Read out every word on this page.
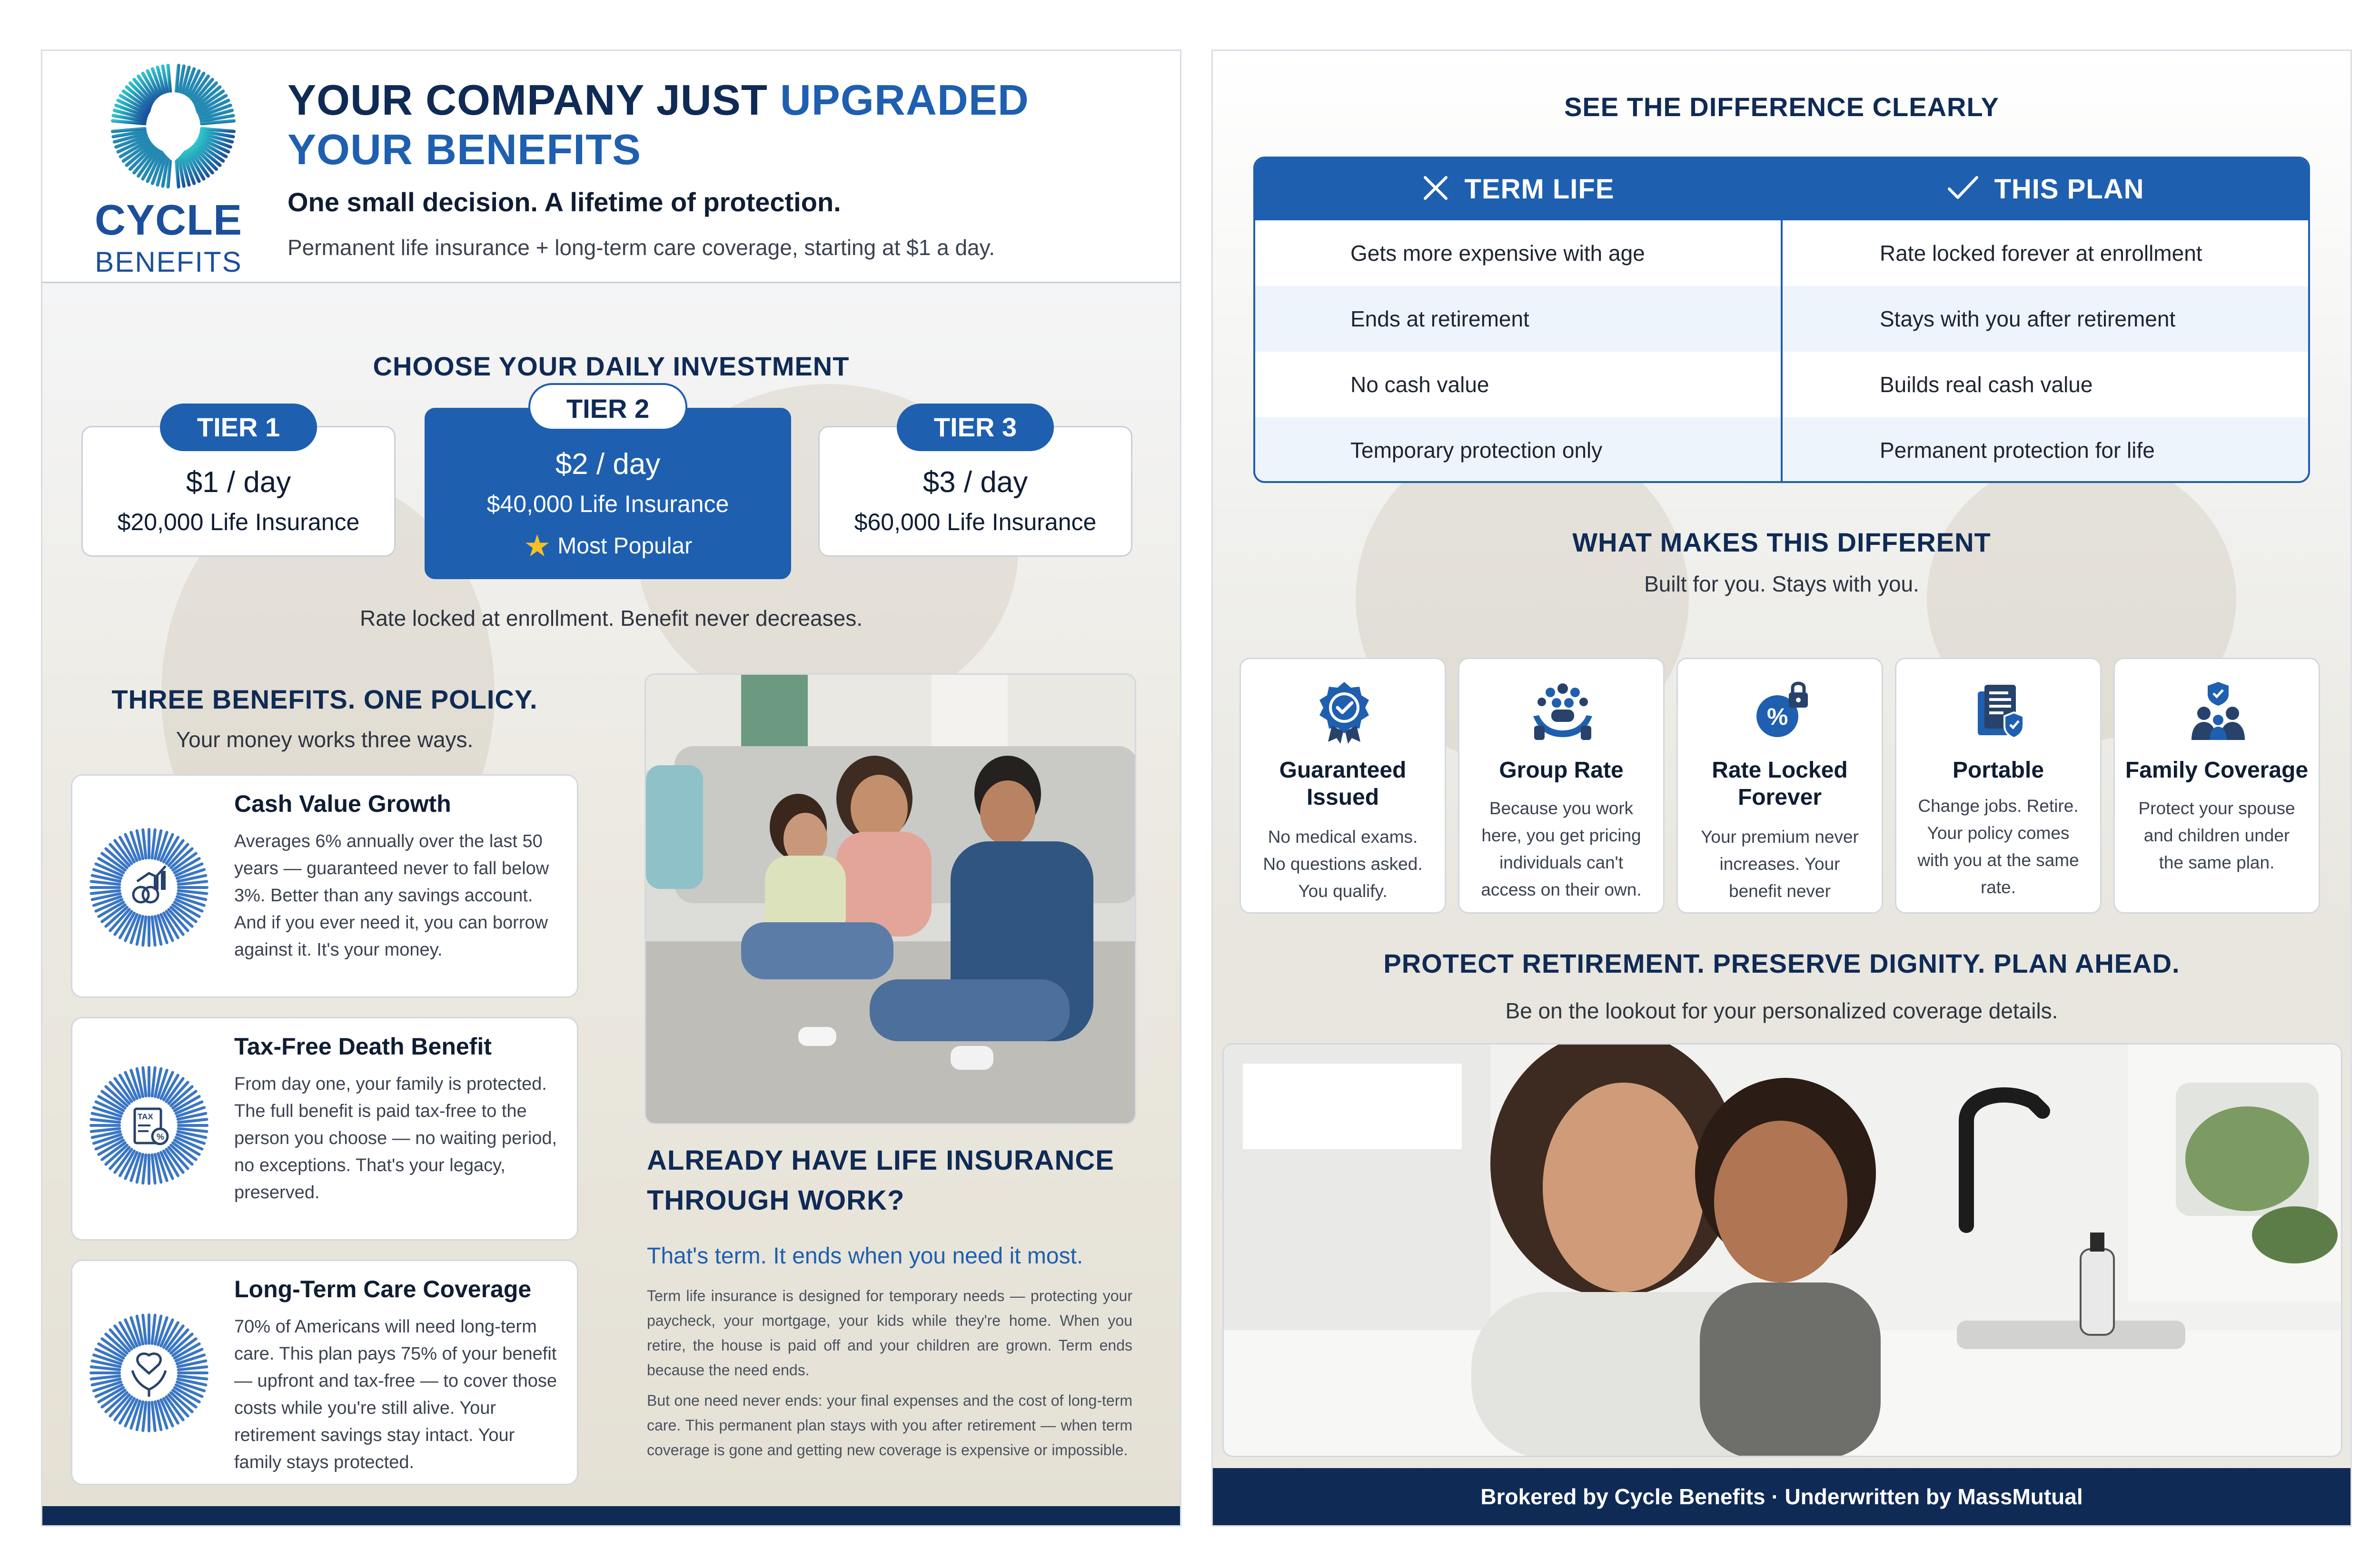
CYCLE
BENEFITS
YOUR COMPANY JUST UPGRADED
YOUR BENEFITS
One small decision. A lifetime of protection.
Permanent life insurance + long-term care coverage, starting at $1 a day.
CHOOSE YOUR DAILY INVESTMENT
TIER 1
$1 / day
$20,000 Life Insurance
TIER 2
$2 / day
$40,000 Life Insurance
★ Most Popular
TIER 3
$3 / day
$60,000 Life Insurance
Rate locked at enrollment. Benefit never decreases.
THREE BENEFITS. ONE POLICY.
Your money works three ways.
Cash Value Growth
Averages 6% annually over the last 50 years — guaranteed never to fall below 3%. Better than any savings account. And if you ever need it, you can borrow against it. It's your money.
TAX
%
Tax-Free Death Benefit
From day one, your family is protected. The full benefit is paid tax-free to the person you choose — no waiting period, no exceptions. That's your legacy, preserved.
Long-Term Care Coverage
70% of Americans will need long-term care. This plan pays 75% of your benefit — upfront and tax-free — to cover those costs while you're still alive. Your retirement savings stay intact. Your family stays protected.
ALREADY HAVE LIFE INSURANCE THROUGH WORK?
That's term. It ends when you need it most.
Term life insurance is designed for temporary needs — protecting your paycheck, your mortgage, your kids while they're home. When you retire, the house is paid off and your children are grown. Term ends because the need ends.
But one need never ends: your final expenses and the cost of long-term care. This permanent plan stays with you after retirement — when term coverage is gone and getting new coverage is expensive or impossible.
SEE THE DIFFERENCE CLEARLY
TERM LIFE	THIS PLAN
Gets more expensive with age	Rate locked forever at enrollment
Ends at retirement	Stays with you after retirement
No cash value	Builds real cash value
Temporary protection only	Permanent protection for life
WHAT MAKES THIS DIFFERENT
Built for you. Stays with you.
Guaranteed Issued
No medical exams. No questions asked. You qualify.
Group Rate
Because you work here, you get pricing individuals can't access on their own.
%
Rate Locked Forever
Your premium never increases. Your benefit never
Portable
Change jobs. Retire. Your policy comes with you at the same rate.
Family Coverage
Protect your spouse and children under the same plan.
PROTECT RETIREMENT. PRESERVE DIGNITY. PLAN AHEAD.
Be on the lookout for your personalized coverage details.
Brokered by Cycle Benefits · Underwritten by MassMutual
